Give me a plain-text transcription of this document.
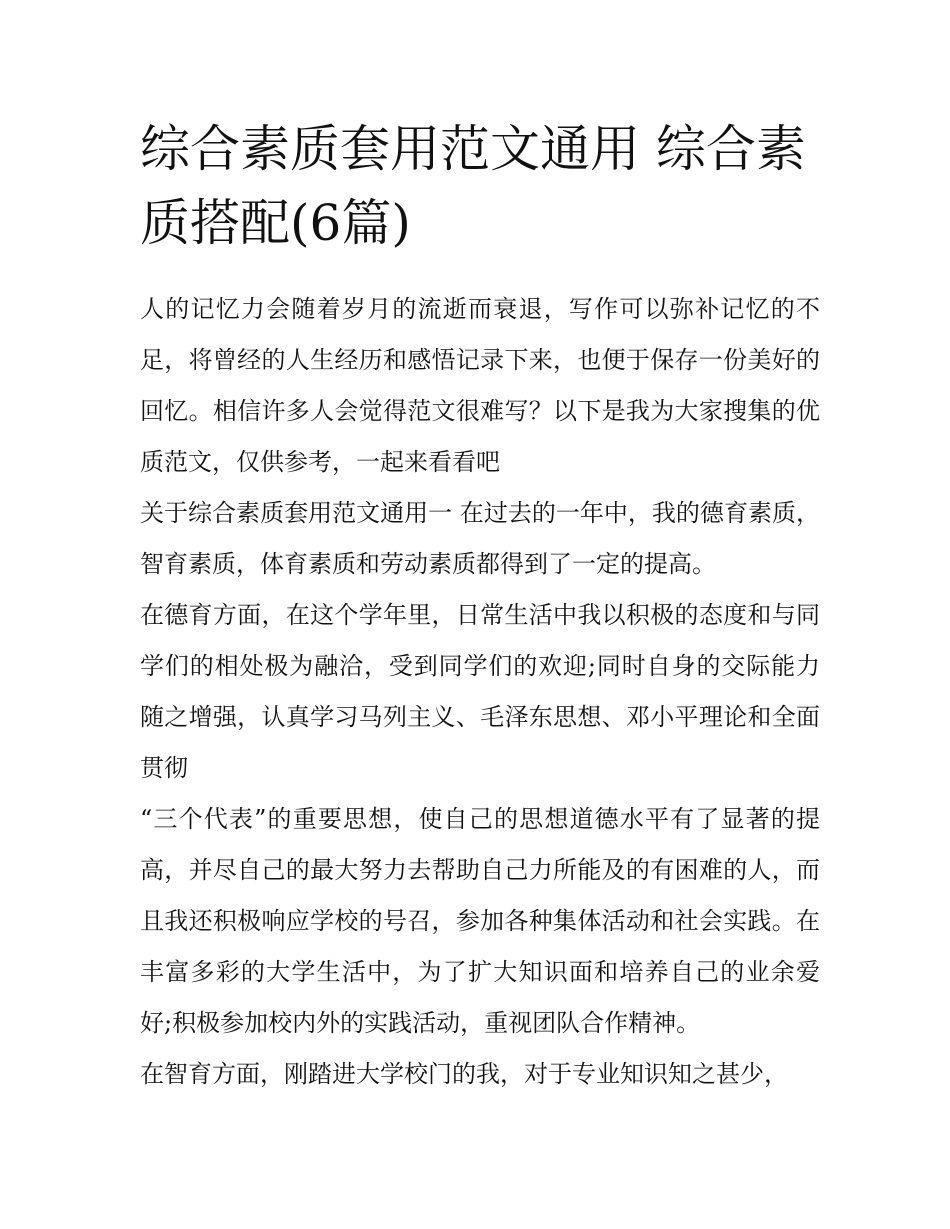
综合素质套用范文通用 综合素质搭配(6篇)

人的记忆力会随着岁月的流逝而衰退，写作可以弥补记忆的不足，将曾经的人生经历和感悟记录下来，也便于保存一份美好的回忆。相信许多人会觉得范文很难写？以下是我为大家搜集的优质范文，仅供参考，一起来看看吧

关于综合素质套用范文通用一 在过去的一年中，我的德育素质，智育素质，体育素质和劳动素质都得到了一定的提高。

在德育方面，在这个学年里，日常生活中我以积极的态度和与同学们的相处极为融洽，受到同学们的欢迎;同时自身的交际能力随之增强，认真学习马列主义、毛泽东思想、邓小平理论和全面贯彻

“三个代表”的重要思想，使自己的思想道德水平有了显著的提高，并尽自己的最大努力去帮助自己力所能及的有困难的人，而且我还积极响应学校的号召，参加各种集体活动和社会实践。在丰富多彩的大学生活中，为了扩大知识面和培养自己的业余爱好;积极参加校内外的实践活动，重视团队合作精神。

在智育方面，刚踏进大学校门的我，对于专业知识知之甚少，
